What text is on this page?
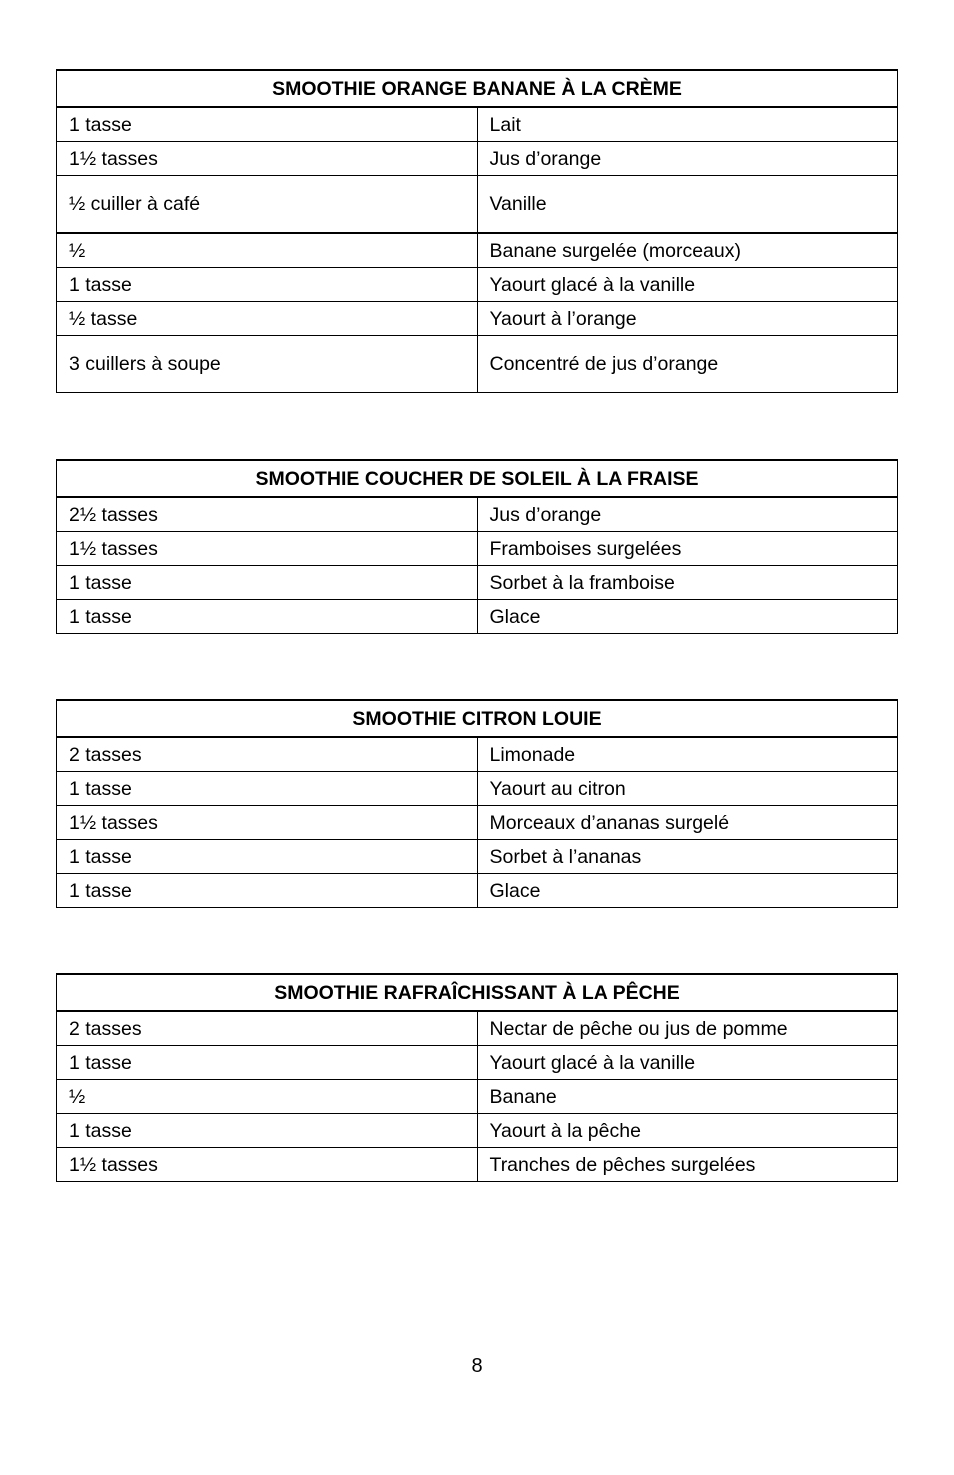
SMOOTHIE ORANGE BANANE À LA CRÈME	
1 tasse	Lait
1½ tasses	Jus d’orange
½ cuiller à café	Vanille
½	Banane surgelée (morceaux)
1 tasse	Yaourt glacé à la vanille
½ tasse	Yaourt à l’orange
3 cuillers à soupe	Concentré de jus d’orange
SMOOTHIE COUCHER DE SOLEIL À LA FRAISE	
2½ tasses	Jus d’orange
1½ tasses	Framboises surgelées
1 tasse	Sorbet à la framboise
1 tasse	Glace
SMOOTHIE CITRON LOUIE	
2 tasses	Limonade
1 tasse	Yaourt au citron
1½ tasses	Morceaux d’ananas surgelé
1 tasse	Sorbet à l’ananas
1 tasse	Glace
SMOOTHIE RAFRAÎCHISSANT À LA PÊCHE	
2 tasses	Nectar de pêche ou jus de pomme
1 tasse	Yaourt glacé à la vanille
½	Banane
1 tasse	Yaourt à la pêche
1½ tasses	Tranches de pêches surgelées
8
